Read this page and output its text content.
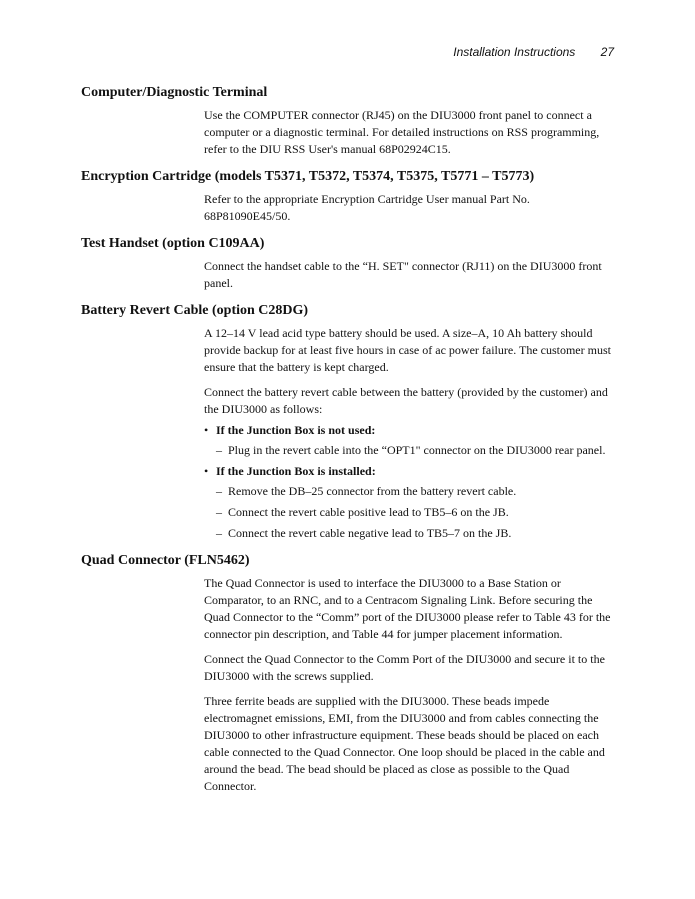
Installation Instructions 27
Computer/Diagnostic Terminal

Use the COMPUTER connector (RJ45) on the DIU3000 front panel to connect a computer or a diagnostic terminal. For detailed instructions on RSS programming, refer to the DIU RSS User's manual 68P02924C15.

Encryption Cartridge (models T5371, T5372, T5374, T5375, T5771 – T5773)

Refer to the appropriate Encryption Cartridge User manual Part No. 68P81090E45/50.

Test Handset (option C109AA)

Connect the handset cable to the “H. SET" connector (RJ11) on the DIU3000 front panel.

Battery Revert Cable (option C28DG)

A 12–14 V lead acid type battery should be used. A size–A, 10 Ah battery should provide backup for at least five hours in case of ac power failure. The customer must ensure that the battery is kept charged.

Connect the battery revert cable between the battery (provided by the customer) and the DIU3000 as follows:

• If the Junction Box is not used:
– Plug in the revert cable into the “OPT1" connector on the DIU3000 rear panel.
• If the Junction Box is installed:
– Remove the DB–25 connector from the battery revert cable.
– Connect the revert cable positive lead to TB5–6 on the JB.
– Connect the revert cable negative lead to TB5–7 on the JB.
Quad Connector (FLN5462)

The Quad Connector is used to interface the DIU3000 to a Base Station or Comparator, to an RNC, and to a Centracom Signaling Link. Before securing the Quad Connector to the “Comm” port of the DIU3000 please refer to Table 43 for the connector pin description, and Table 44 for jumper placement information.

Connect the Quad Connector to the Comm Port of the DIU3000 and secure it to the DIU3000 with the screws supplied.

Three ferrite beads are supplied with the DIU3000. These beads impede electromagnet emissions, EMI, from the DIU3000 and from cables connecting the DIU3000 to other infrastructure equipment. These beads should be placed on each cable connected to the Quad Connector. One loop should be placed in the cable and around the bead. The bead should be placed as close as possible to the Quad Connector.
